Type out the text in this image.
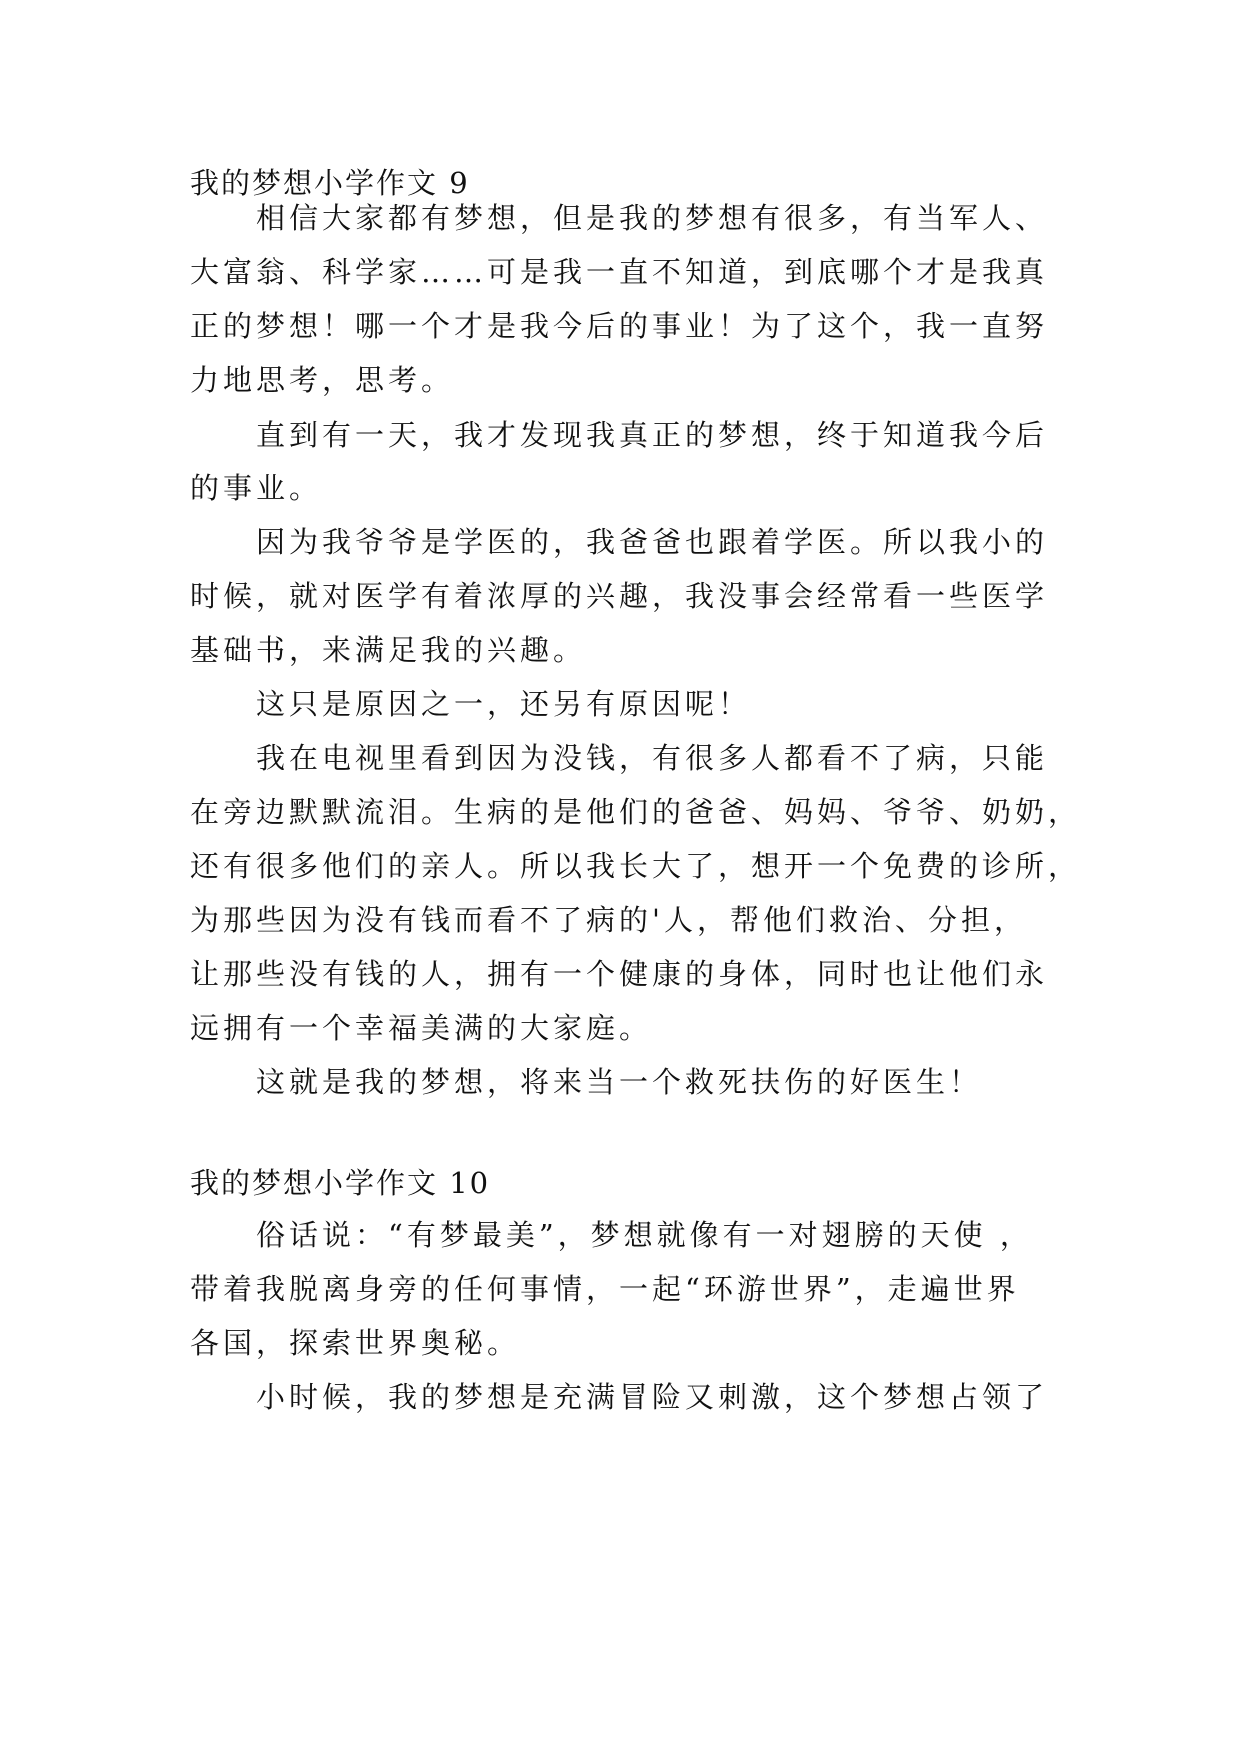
我的梦想小学作文 9
相信大家都有梦想，但是我的梦想有很多，有当军人、
大富翁、科学家……可是我一直不知道，到底哪个才是我真
正的梦想！哪一个才是我今后的事业！为了这个，我一直努
力地思考，思考。
直到有一天，我才发现我真正的梦想，终于知道我今后
的事业。
因为我爷爷是学医的，我爸爸也跟着学医。所以我小的
时候，就对医学有着浓厚的兴趣，我没事会经常看一些医学
基础书，来满足我的兴趣。
这只是原因之一，还另有原因呢！
我在电视里看到因为没钱，有很多人都看不了病，只能
在旁边默默流泪。生病的是他们的爸爸、妈妈、爷爷、奶奶，
还有很多他们的亲人。所以我长大了，想开一个免费的诊所，
为那些因为没有钱而看不了病的'人，帮他们救治、分担，
让那些没有钱的人，拥有一个健康的身体，同时也让他们永
远拥有一个幸福美满的大家庭。
这就是我的梦想，将来当一个救死扶伤的好医生！
我的梦想小学作文 10
俗话说：“有梦最美”，梦想就像有一对翅膀的天使 ，
带着我脱离身旁的任何事情，一起“环游世界”，走遍世界
各国，探索世界奥秘。
小时候，我的梦想是充满冒险又刺激，这个梦想占领了
